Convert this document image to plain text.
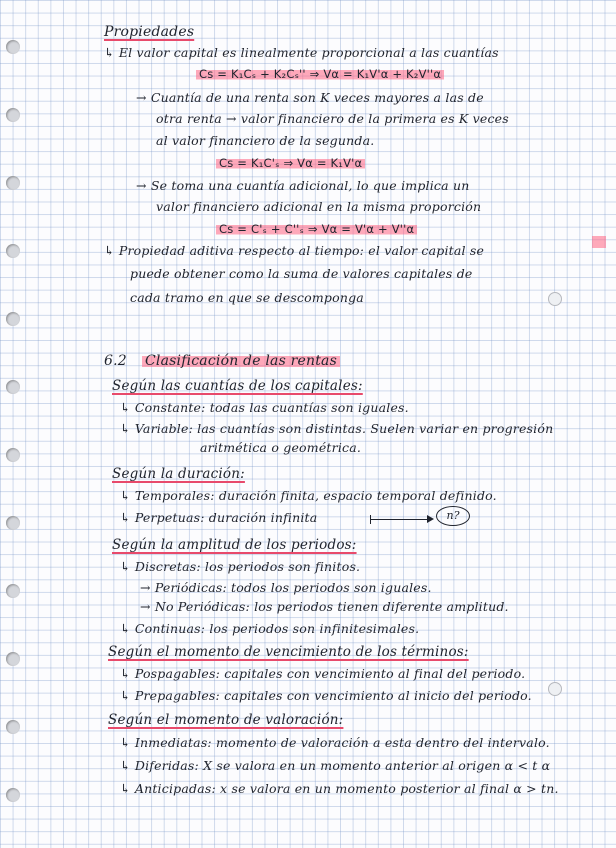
Propiedades
↳ El valor capital es linealmente proporcional a las cuantías
Cs = K₁Cₛ + K₂Cₛ'' ⇒ Vα = K₁V'α + K₂V''α
→ Cuantía de una renta son K veces mayores a las de
otra renta → valor financiero de la primera es K veces
al valor financiero de la segunda.
Cs = K₁C'ₛ ⇒ Vα = K₁V'α
→ Se toma una cuantía adicional, lo que implica un
valor financiero adicional en la misma proporción
Cs = C'ₛ + C''ₛ ⇒ Vα = V'α + V''α
↳ Propiedad aditiva respecto al tiempo: el valor capital se
puede obtener como la suma de valores capitales de
cada tramo en que se descomponga
6.2 Clasificación de las rentas
Según las cuantías de los capitales:
↳ Constante: todas las cuantías son iguales.
↳ Variable: las cuantías son distintas. Suelen variar en progresión
aritmética o geométrica.
Según la duración:
↳ Temporales: duración finita, espacio temporal definido.
↳ Perpetuas: duración infinita	n?
Según la amplitud de los periodos:
↳ Discretas: los periodos son finitos.
→ Periódicas: todos los periodos son iguales.
→ No Periódicas: los periodos tienen diferente amplitud.
↳ Continuas: los periodos son infinitesimales.
Según el momento de vencimiento de los términos:
↳ Pospagables: capitales con vencimiento al final del periodo.
↳ Prepagables: capitales con vencimiento al inicio del periodo.
Según el momento de valoración:
↳ Inmediatas: momento de valoración a esta dentro del intervalo.
↳ Diferidas: X se valora en un momento anterior al origen α < t α
↳ Anticipadas: x se valora en un momento posterior al final α > tn.
